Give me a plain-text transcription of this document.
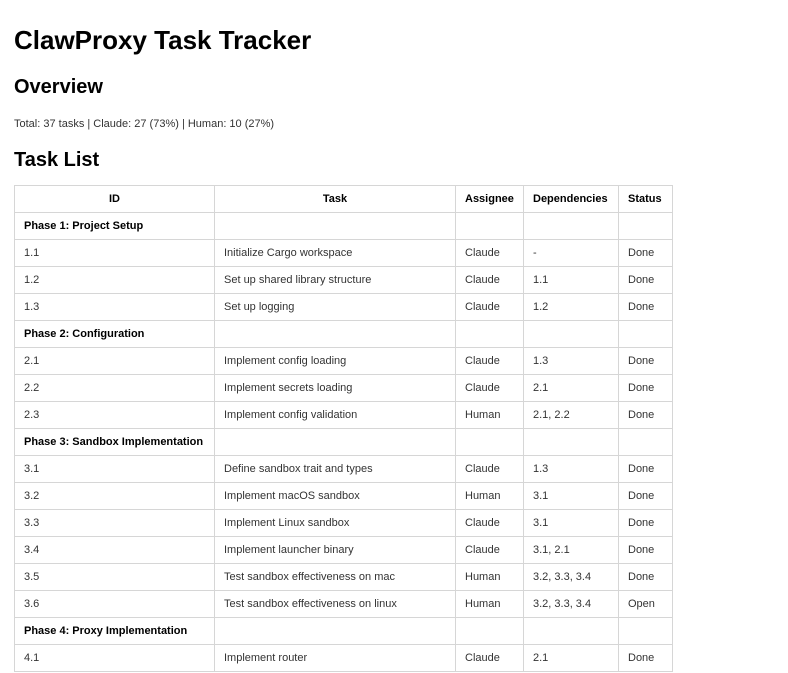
ClawProxy Task Tracker
Overview
Total: 37 tasks | Claude: 27 (73%) | Human: 10 (27%)
Task List
ID	Task	Assignee	Dependencies	Status
Phase 1: Project Setup				
1.1	Initialize Cargo workspace	Claude	-	Done
1.2	Set up shared library structure	Claude	1.1	Done
1.3	Set up logging	Claude	1.2	Done
Phase 2: Configuration				
2.1	Implement config loading	Claude	1.3	Done
2.2	Implement secrets loading	Claude	2.1	Done
2.3	Implement config validation	Human	2.1, 2.2	Done
Phase 3: Sandbox Implementation				
3.1	Define sandbox trait and types	Claude	1.3	Done
3.2	Implement macOS sandbox	Human	3.1	Done
3.3	Implement Linux sandbox	Claude	3.1	Done
3.4	Implement launcher binary	Claude	3.1, 2.1	Done
3.5	Test sandbox effectiveness on mac	Human	3.2, 3.3, 3.4	Done
3.6	Test sandbox effectiveness on linux	Human	3.2, 3.3, 3.4	Open
Phase 4: Proxy Implementation				
4.1	Implement router	Claude	2.1	Done
